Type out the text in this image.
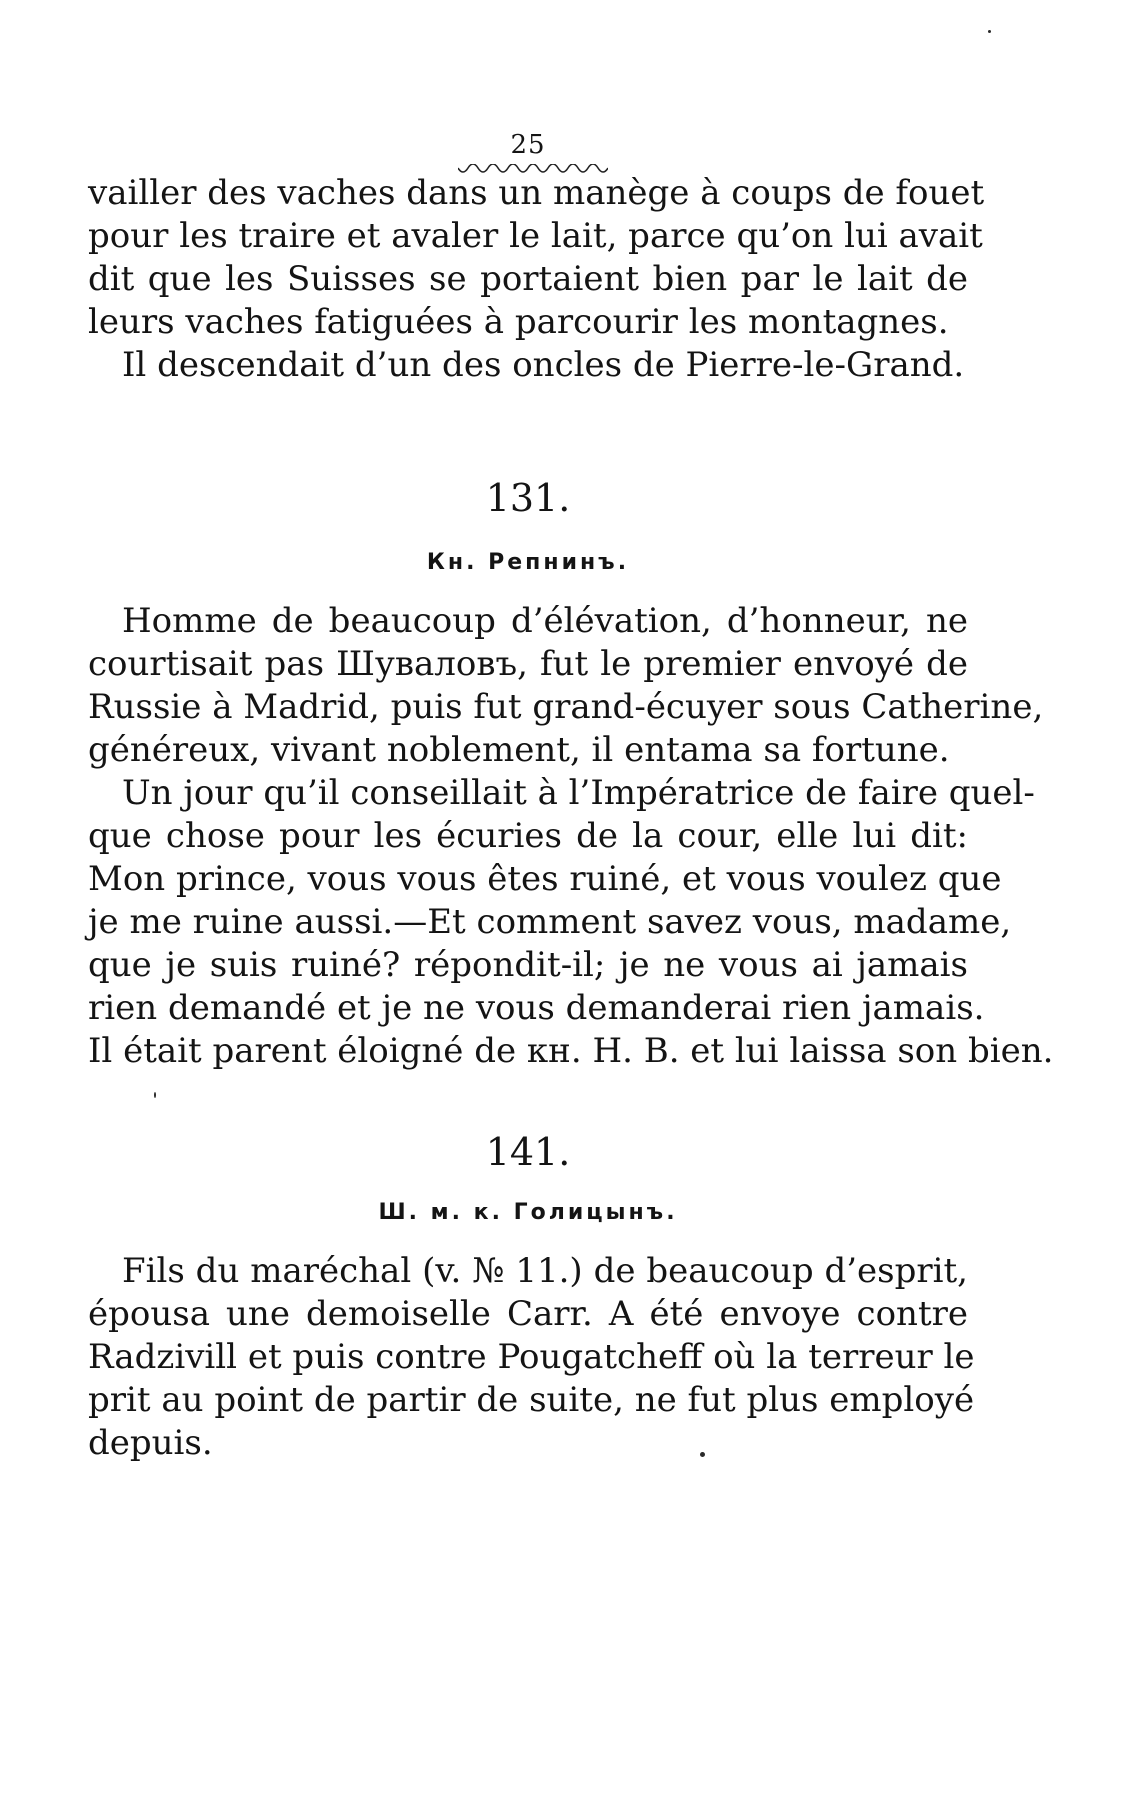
25
vailler des vaches dans un manège à coups de fouet
pour les traire et avaler le lait, parce qu’on lui avait
dit que les Suisses se portaient bien par le lait de
leurs vaches fatiguées à parcourir les montagnes.
Il descendait d’un des oncles de Pierre-le-Grand.
131.
Кн. Репнинъ.
Homme de beaucoup d’élévation, d’honneur, ne
courtisait pas Шуваловъ, fut le premier envoyé de
Russie à Madrid, puis fut grand-écuyer sous Catherine,
généreux, vivant noblement, il entama sa fortune.
Un jour qu’il conseillait à l’Impératrice de faire quel-
que chose pour les écuries de la cour, elle lui dit:
Mon prince, vous vous êtes ruiné, et vous voulez que
je me ruine aussi.—Et comment savez vous, madame,
que je suis ruiné? répondit-il; je ne vous ai jamais
rien demandé et je ne vous demanderai rien jamais.
Il était parent éloigné de кн. H. B. et lui laissa son bien.
141.
Ш. м. к. Голицынъ.
Fils du maréchal (v. № 11.) de beaucoup d’esprit,
épousa une demoiselle Carr. A été envoye contre
Radzivill et puis contre Pougatcheff où la terreur le
prit au point de partir de suite, ne fut plus employé
depuis.
